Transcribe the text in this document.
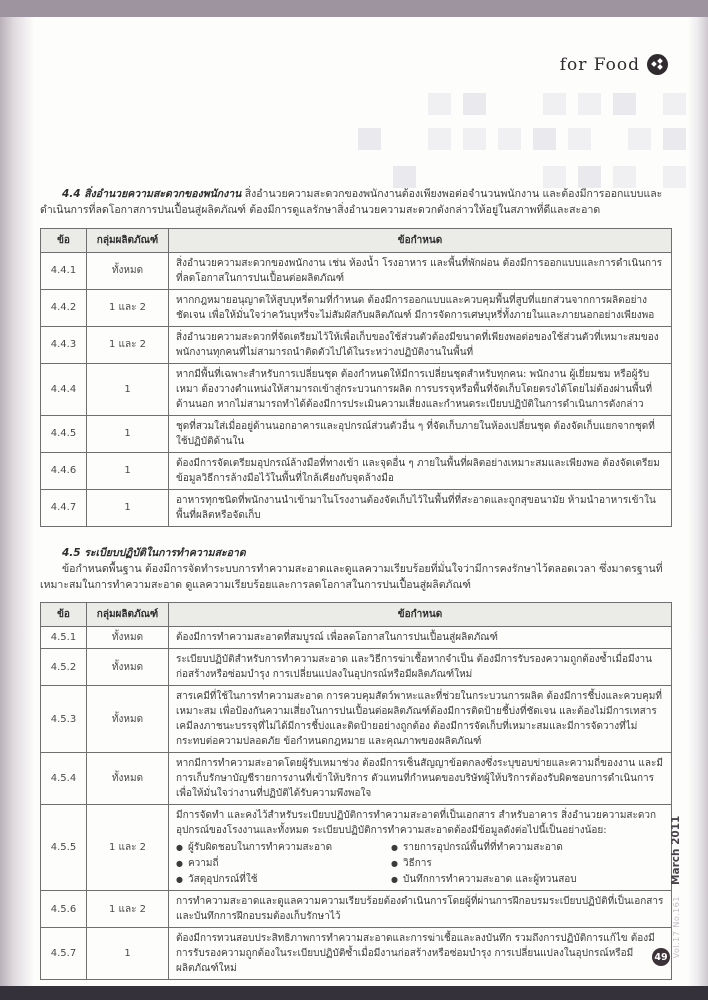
for Food

4.4 สิ่งอำนวยความสะดวกของพนักงาน สิ่งอำนวยความสะดวกของพนักงานต้องเพียงพอต่อจำนวนพนักงาน และต้องมีการออกแบบและดำเนินการที่ลดโอกาสการปนเปื้อนสู่ผลิตภัณฑ์ ต้องมีการดูแลรักษาสิ่งอำนวยความสะดวกดังกล่าวให้อยู่ในสภาพที่ดีและสะอาด

ข้อ	กลุ่มผลิตภัณฑ์	ข้อกำหนด
4.4.1	ทั้งหมด	สิ่งอำนวยความสะดวกของพนักงาน เช่น ห้องน้ำ โรงอาหาร และพื้นที่พักผ่อน ต้องมีการออกแบบและการดำเนินการที่ลดโอกาสในการปนเปื้อนต่อผลิตภัณฑ์

4.4.2	1 และ 2	หากกฎหมายอนุญาตให้สูบบุหรี่ตามที่กำหนด ต้องมีการออกแบบและควบคุมพื้นที่สูบที่แยกส่วนจากการผลิตอย่างชัดเจน เพื่อให้มั่นใจว่าควันบุหรี่จะไม่สัมผัสกับผลิตภัณฑ์ มีการจัดการเศษบุหรี่ทั้งภายในและภายนอกอย่างเพียงพอ

4.4.3	1 และ 2	สิ่งอำนวยความสะดวกที่จัดเตรียมไว้ให้เพื่อเก็บของใช้ส่วนตัวต้องมีขนาดที่เพียงพอต่อของใช้ส่วนตัวที่เหมาะสมของพนักงานทุกคนที่ไม่สามารถนำติดตัวไปได้ในระหว่างปฏิบัติงานในพื้นที่

4.4.4	1	หากมีพื้นที่เฉพาะสำหรับการเปลี่ยนชุด ต้องกำหนดให้มีการเปลี่ยนชุดสำหรับทุกคน: พนักงาน ผู้เยี่ยมชม หรือผู้รับเหมา ต้องวางตำแหน่งให้สามารถเข้าสู่กระบวนการผลิต การบรรจุหรือพื้นที่จัดเก็บโดยตรงได้โดยไม่ต้องผ่านพื้นที่ด้านนอก หากไม่สามารถทำได้ต้องมีการประเมินความเสี่ยงและกำหนดระเบียบปฏิบัติในการดำเนินการดังกล่าว

4.4.5	1	ชุดที่สวมใส่เมื่ออยู่ด้านนอกอาคารและอุปกรณ์ส่วนตัวอื่น ๆ ที่จัดเก็บภายในห้องเปลี่ยนชุด ต้องจัดเก็บแยกจากชุดที่ใช้ปฏิบัติด้านใน

4.4.6	1	ต้องมีการจัดเตรียมอุปกรณ์ล้างมือที่ทางเข้า และจุดอื่น ๆ ภายในพื้นที่ผลิตอย่างเหมาะสมและเพียงพอ ต้องจัดเตรียมข้อมูลวิธีการล้างมือไว้ในพื้นที่ใกล้เคียงกับจุดล้างมือ

4.4.7	1	อาหารทุกชนิดที่พนักงานนำเข้ามาในโรงงานต้องจัดเก็บไว้ในพื้นที่ที่สะอาดและถูกสุขอนามัย ห้ามนำอาหารเข้าในพื้นที่ผลิตหรือจัดเก็บ

4.5 ระเบียบปฏิบัติในการทำความสะอาด

ข้อกำหนดพื้นฐาน ต้องมีการจัดทำระบบการทำความสะอาดและดูแลความเรียบร้อยที่มั่นใจว่ามีการคงรักษาไว้ตลอดเวลา ซึ่งมาตรฐานที่เหมาะสมในการทำความสะอาด ดูแลความเรียบร้อยและการลดโอกาสในการปนเปื้อนสู่ผลิตภัณฑ์

ข้อ	กลุ่มผลิตภัณฑ์	ข้อกำหนด
4.5.1	ทั้งหมด	ต้องมีการทำความสะอาดที่สมบูรณ์ เพื่อลดโอกาสในการปนเปื้อนสู่ผลิตภัณฑ์

4.5.2	ทั้งหมด	ระเบียบปฏิบัติสำหรับการทำความสะอาด และวิธีการฆ่าเชื้อหากจำเป็น ต้องมีการรับรองความถูกต้องซ้ำเมื่อมีงานก่อสร้างหรือซ่อมบำรุง การเปลี่ยนแปลงในอุปกรณ์หรือมีผลิตภัณฑ์ใหม่

4.5.3	ทั้งหมด	สารเคมีที่ใช้ในการทำความสะอาด การควบคุมสัตว์พาหะและที่ช่วยในกระบวนการผลิต ต้องมีการชี้บ่งและควบคุมที่เหมาะสม เพื่อป้องกันความเสี่ยงในการปนเปื้อนต่อผลิตภัณฑ์ต้องมีการติดป้ายชี้บ่งที่ชัดเจน และต้องไม่มีการเทสารเคมีลงภาชนะบรรจุที่ไม่ได้มีการชี้บ่งและติดป้ายอย่างถูกต้อง ต้องมีการจัดเก็บที่เหมาะสมและมีการจัดวางที่ไม่กระทบต่อความปลอดภัย ข้อกำหนดกฎหมาย และคุณภาพของผลิตภัณฑ์

4.5.4	ทั้งหมด	หากมีการทำความสะอาดโดยผู้รับเหมาช่วง ต้องมีการเซ็นสัญญาข้อตกลงซึ่งระบุขอบข่ายและความถี่ของงาน และมีการเก็บรักษาบัญชีรายการงานที่เข้าให้บริการ ตัวแทนที่กำหนดของบริษัทผู้ให้บริการต้องรับผิดชอบการดำเนินการเพื่อให้มั่นใจว่างานที่ปฏิบัติได้รับความพึงพอใจ

4.5.5	1 และ 2	
มีการจัดทำ และคงไว้สำหรับระเบียบปฏิบัติการทำความสะอาดที่เป็นเอกสาร สำหรับอาคาร สิ่งอำนวยความสะดวก อุปกรณ์ของโรงงานและทั้งหมด ระเบียบปฏิบัติการทำความสะอาดต้องมีข้อมูลดังต่อไปนี้เป็นอย่างน้อย:
● ผู้รับผิดชอบในการทำความสะอาด	● รายการอุปกรณ์พื้นที่ที่ทำความสะอาด
● ความถี่	● วิธีการ
● วัสดุอุปกรณ์ที่ใช้	● บันทึกการทำความสะอาด และผู้ทวนสอบ

4.5.6	1 และ 2	การทำความสะอาดและดูแลความความเรียบร้อยต้องดำเนินการโดยผู้ที่ผ่านการฝึกอบรมระเบียบปฏิบัติที่เป็นเอกสาร และบันทึกการฝึกอบรมต้องเก็บรักษาไว้

4.5.7	1	ต้องมีการทวนสอบประสิทธิภาพการทำความสะอาดและการฆ่าเชื้อและลงบันทึก รวมถึงการปฏิบัติการแก้ไข ต้องมีการรับรองความถูกต้องในระเบียบปฏิบัติซ้ำเมื่อมีงานก่อสร้างหรือซ่อมบำรุง การเปลี่ยนแปลงในอุปกรณ์หรือมีผลิตภัณฑ์ใหม่
Vol.17 No.161 March 2011
49
